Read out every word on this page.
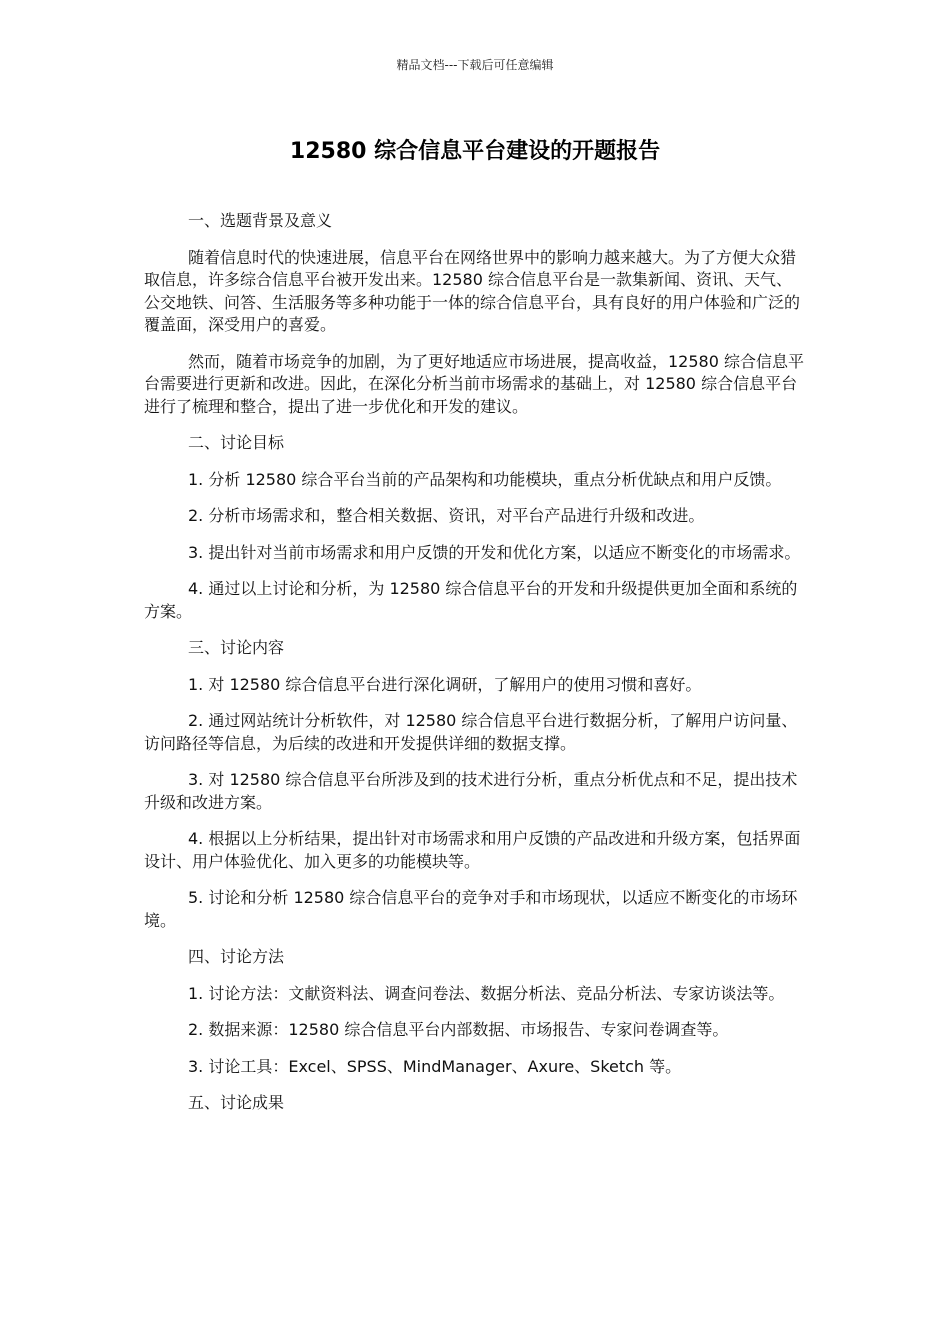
精品文档---下载后可任意编辑
12580 综合信息平台建设的开题报告

一、选题背景及意义

随着信息时代的快速进展，信息平台在网络世界中的影响力越来越大。为了方便大众猎取信息，许多综合信息平台被开发出来。12580 综合信息平台是一款集新闻、资讯、天气、公交地铁、问答、生活服务等多种功能于一体的综合信息平台，具有良好的用户体验和广泛的覆盖面，深受用户的喜爱。

然而，随着市场竞争的加剧，为了更好地适应市场进展，提高收益，12580 综合信息平台需要进行更新和改进。因此，在深化分析当前市场需求的基础上，对 12580 综合信息平台进行了梳理和整合，提出了进一步优化和开发的建议。

二、讨论目标

1. 分析 12580 综合平台当前的产品架构和功能模块，重点分析优缺点和用户反馈。

2. 分析市场需求和，整合相关数据、资讯，对平台产品进行升级和改进。

3. 提出针对当前市场需求和用户反馈的开发和优化方案，以适应不断变化的市场需求。

4. 通过以上讨论和分析，为 12580 综合信息平台的开发和升级提供更加全面和系统的方案。

三、讨论内容

1. 对 12580 综合信息平台进行深化调研，了解用户的使用习惯和喜好。

2. 通过网站统计分析软件，对 12580 综合信息平台进行数据分析，了解用户访问量、访问路径等信息，为后续的改进和开发提供详细的数据支撑。

3. 对 12580 综合信息平台所涉及到的技术进行分析，重点分析优点和不足，提出技术升级和改进方案。

4. 根据以上分析结果，提出针对市场需求和用户反馈的产品改进和升级方案，包括界面设计、用户体验优化、加入更多的功能模块等。

5. 讨论和分析 12580 综合信息平台的竞争对手和市场现状，以适应不断变化的市场环境。

四、讨论方法

1. 讨论方法：文献资料法、调查问卷法、数据分析法、竞品分析法、专家访谈法等。

2. 数据来源：12580 综合信息平台内部数据、市场报告、专家问卷调查等。

3. 讨论工具：Excel、SPSS、MindManager、Axure、Sketch 等。

五、讨论成果
